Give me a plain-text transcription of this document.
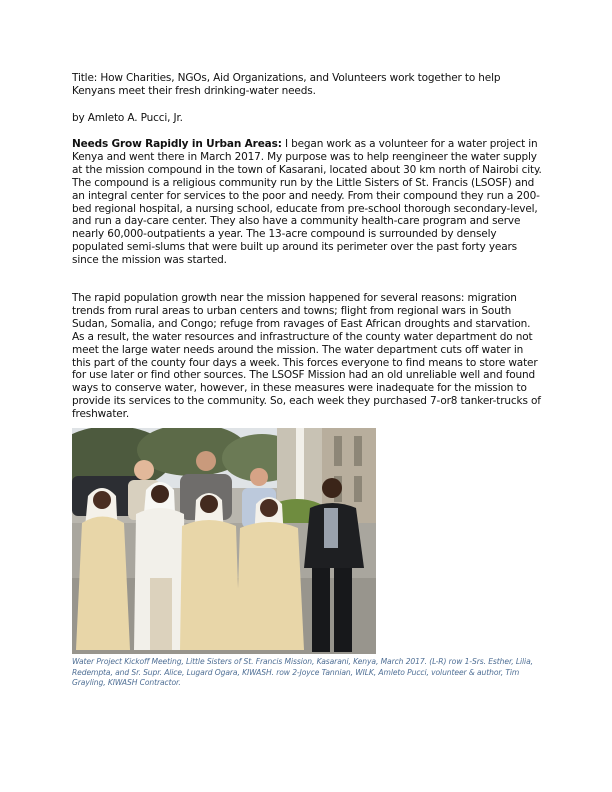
Title: How Charities, NGOs, Aid Organizations, and Volunteers work together to help Kenyans meet their fresh drinking-water needs.
by Amleto A. Pucci, Jr.

Needs Grow Rapidly in Urban Areas: I began work as a volunteer for a water project in Kenya and went there in March 2017. My purpose was to help reengineer the water supply at the mission compound in the town of Kasarani, located about 30 km north of Nairobi city. The compound is a religious community run by the Little Sisters of St. Francis (LSOSF) and an integral center for services to the poor and needy. From their compound they run a 200-bed regional hospital, a nursing school, educate from pre-school thorough secondary-level, and run a day-care center. They also have a community health-care program and serve nearly 60,000-outpatients a year. The 13-acre compound is surrounded by densely populated semi-slums that were built up around its perimeter over the past forty years since the mission was started.

The rapid population growth near the mission happened for several reasons: migration trends from rural areas to urban centers and towns; flight from regional wars in South Sudan, Somalia, and Congo; refuge from ravages of East African droughts and starvation. As a result, the water resources and infrastructure of the county water department do not meet the large water needs around the mission. The water department cuts off water in this part of the county four days a week. This forces everyone to find means to store water for use later or find other sources. The LSOSF Mission had an old unreliable well and found ways to conserve water, however, in these measures were inadequate for the mission to provide its services to the community. So, each week they purchased 7-or8 tanker-trucks of freshwater.

Water Project Kickoff Meeting, Little Sisters of St. Francis Mission, Kasarani, Kenya, March 2017. (L-R) row 1-Srs. Esther, Lilia, Redempta, and Sr. Supr. Alice, Lugard Ogara, KIWASH. row 2-Joyce Tannian, WILK, Amleto Pucci, volunteer & author, Tim Grayling, KIWASH Contractor.
